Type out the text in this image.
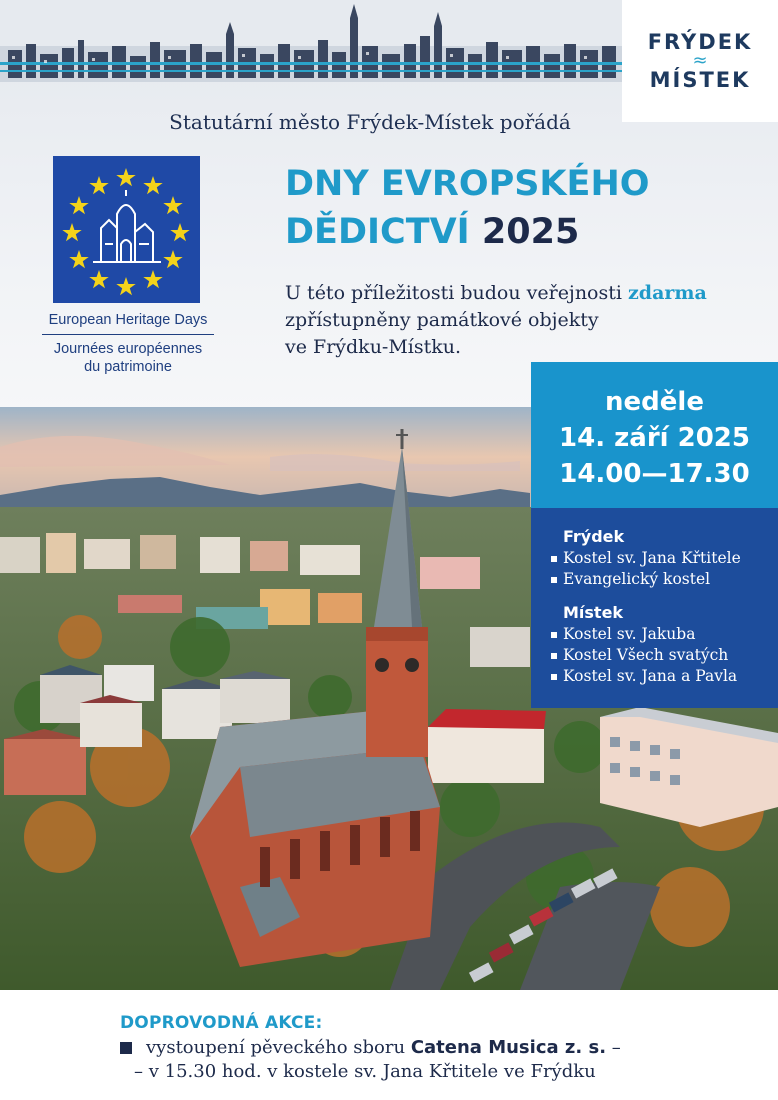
FRÝDEK
≈
MÍSTEK
Statutární město Frýdek-Místek pořádá
European Heritage Days
Journées européennes
du patrimoine
DNY EVROPSKÉHO
DĚDICTVÍ 2025
U této příležitosti budou veřejnosti zdarma
zpřístupněny památkové objekty
ve Frýdku-Místku.
neděle
14. září 2025
14.00—17.30
Frýdek
Kostel sv. Jana Křtitele
Evangelický kostel
Místek
Kostel sv. Jakuba
Kostel Všech svatých
Kostel sv. Jana a Pavla
DOPROVODNÁ AKCE:
vystoupení pěveckého sboru Catena Musica z. s. –
– v 15.30 hod. v kostele sv. Jana Křtitele ve Frýdku
